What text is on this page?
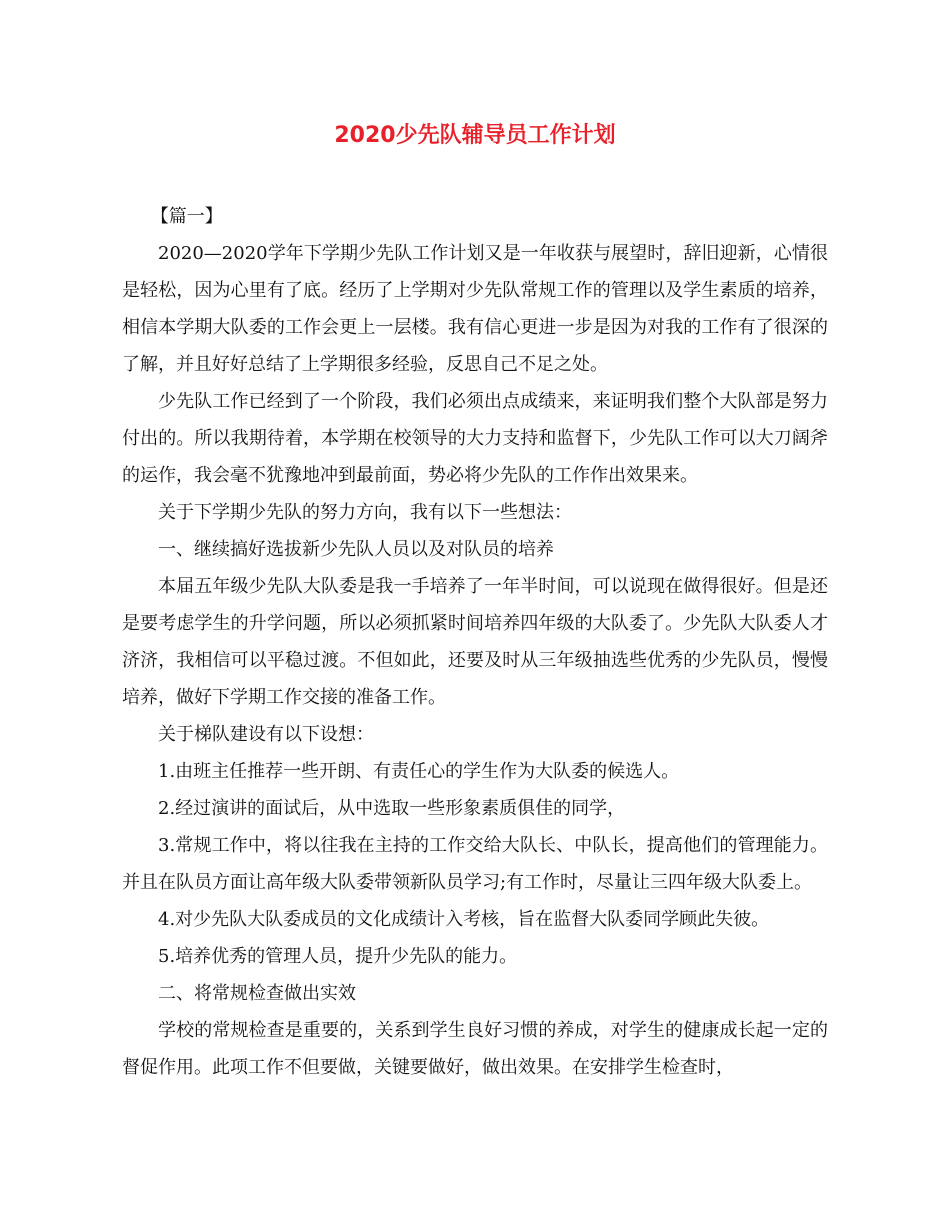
2020少先队辅导员工作计划

【篇一】

2020—2020学年下学期少先队工作计划又是一年收获与展望时，辞旧迎新，心情很是轻松，因为心里有了底。经历了上学期对少先队常规工作的管理以及学生素质的培养，相信本学期大队委的工作会更上一层楼。我有信心更进一步是因为对我的工作有了很深的了解，并且好好总结了上学期很多经验，反思自己不足之处。

少先队工作已经到了一个阶段，我们必须出点成绩来，来证明我们整个大队部是努力付出的。所以我期待着，本学期在校领导的大力支持和监督下，少先队工作可以大刀阔斧的运作，我会毫不犹豫地冲到最前面，势必将少先队的工作作出效果来。

关于下学期少先队的努力方向，我有以下一些想法：

一、继续搞好选拔新少先队人员以及对队员的培养

本届五年级少先队大队委是我一手培养了一年半时间，可以说现在做得很好。但是还是要考虑学生的升学问题，所以必须抓紧时间培养四年级的大队委了。少先队大队委人才济济，我相信可以平稳过渡。不但如此，还要及时从三年级抽选些优秀的少先队员，慢慢培养，做好下学期工作交接的准备工作。

关于梯队建设有以下设想：

1.由班主任推荐一些开朗、有责任心的学生作为大队委的候选人。

2.经过演讲的面试后，从中选取一些形象素质俱佳的同学，

3.常规工作中，将以往我在主持的工作交给大队长、中队长，提高他们的管理能力。并且在队员方面让高年级大队委带领新队员学习;有工作时，尽量让三四年级大队委上。

4.对少先队大队委成员的文化成绩计入考核，旨在监督大队委同学顾此失彼。

5.培养优秀的管理人员，提升少先队的能力。

二、将常规检查做出实效

学校的常规检查是重要的，关系到学生良好习惯的养成，对学生的健康成长起一定的督促作用。此项工作不但要做，关键要做好，做出效果。在安排学生检查时，
